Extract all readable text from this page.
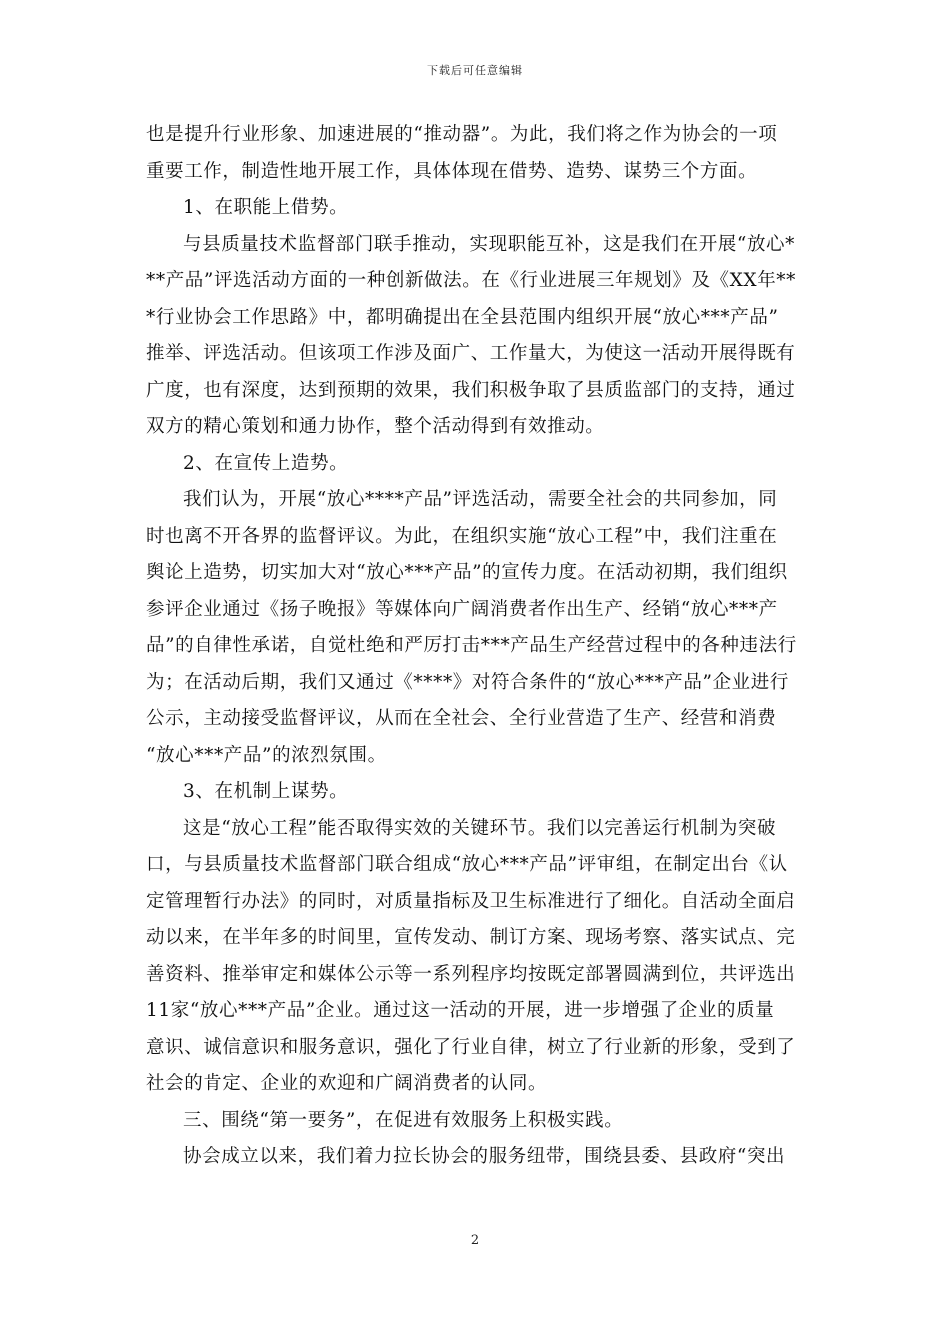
下载后可任意编辑
也是提升行业形象、加速进展的“推动器”。为此，我们将之作为协会的一项
重要工作，制造性地开展工作，具体体现在借势、造势、谋势三个方面。
1、在职能上借势。
与县质量技术监督部门联手推动，实现职能互补，这是我们在开展“放心*
**产品”评选活动方面的一种创新做法。在《行业进展三年规划》及《XX年**
*行业协会工作思路》中，都明确提出在全县范围内组织开展“放心***产品”
推举、评选活动。但该项工作涉及面广、工作量大，为使这一活动开展得既有
广度，也有深度，达到预期的效果，我们积极争取了县质监部门的支持，通过
双方的精心策划和通力协作，整个活动得到有效推动。
2、在宣传上造势。
我们认为，开展“放心****产品”评选活动，需要全社会的共同参加，同
时也离不开各界的监督评议。为此，在组织实施“放心工程”中，我们注重在
舆论上造势，切实加大对“放心***产品”的宣传力度。在活动初期，我们组织
参评企业通过《扬子晚报》等媒体向广阔消费者作出生产、经销“放心***产
品”的自律性承诺，自觉杜绝和严厉打击***产品生产经营过程中的各种违法行
为；在活动后期，我们又通过《****》对符合条件的“放心***产品”企业进行
公示，主动接受监督评议，从而在全社会、全行业营造了生产、经营和消费
“放心***产品”的浓烈氛围。
3、在机制上谋势。
这是“放心工程”能否取得实效的关键环节。我们以完善运行机制为突破
口，与县质量技术监督部门联合组成“放心***产品”评审组，在制定出台《认
定管理暂行办法》的同时，对质量指标及卫生标准进行了细化。自活动全面启
动以来，在半年多的时间里，宣传发动、制订方案、现场考察、落实试点、完
善资料、推举审定和媒体公示等一系列程序均按既定部署圆满到位，共评选出
11家“放心***产品”企业。通过这一活动的开展，进一步增强了企业的质量
意识、诚信意识和服务意识，强化了行业自律，树立了行业新的形象，受到了
社会的肯定、企业的欢迎和广阔消费者的认同。
三、围绕“第一要务”，在促进有效服务上积极实践。
协会成立以来，我们着力拉长协会的服务纽带，围绕县委、县政府“突出
2
